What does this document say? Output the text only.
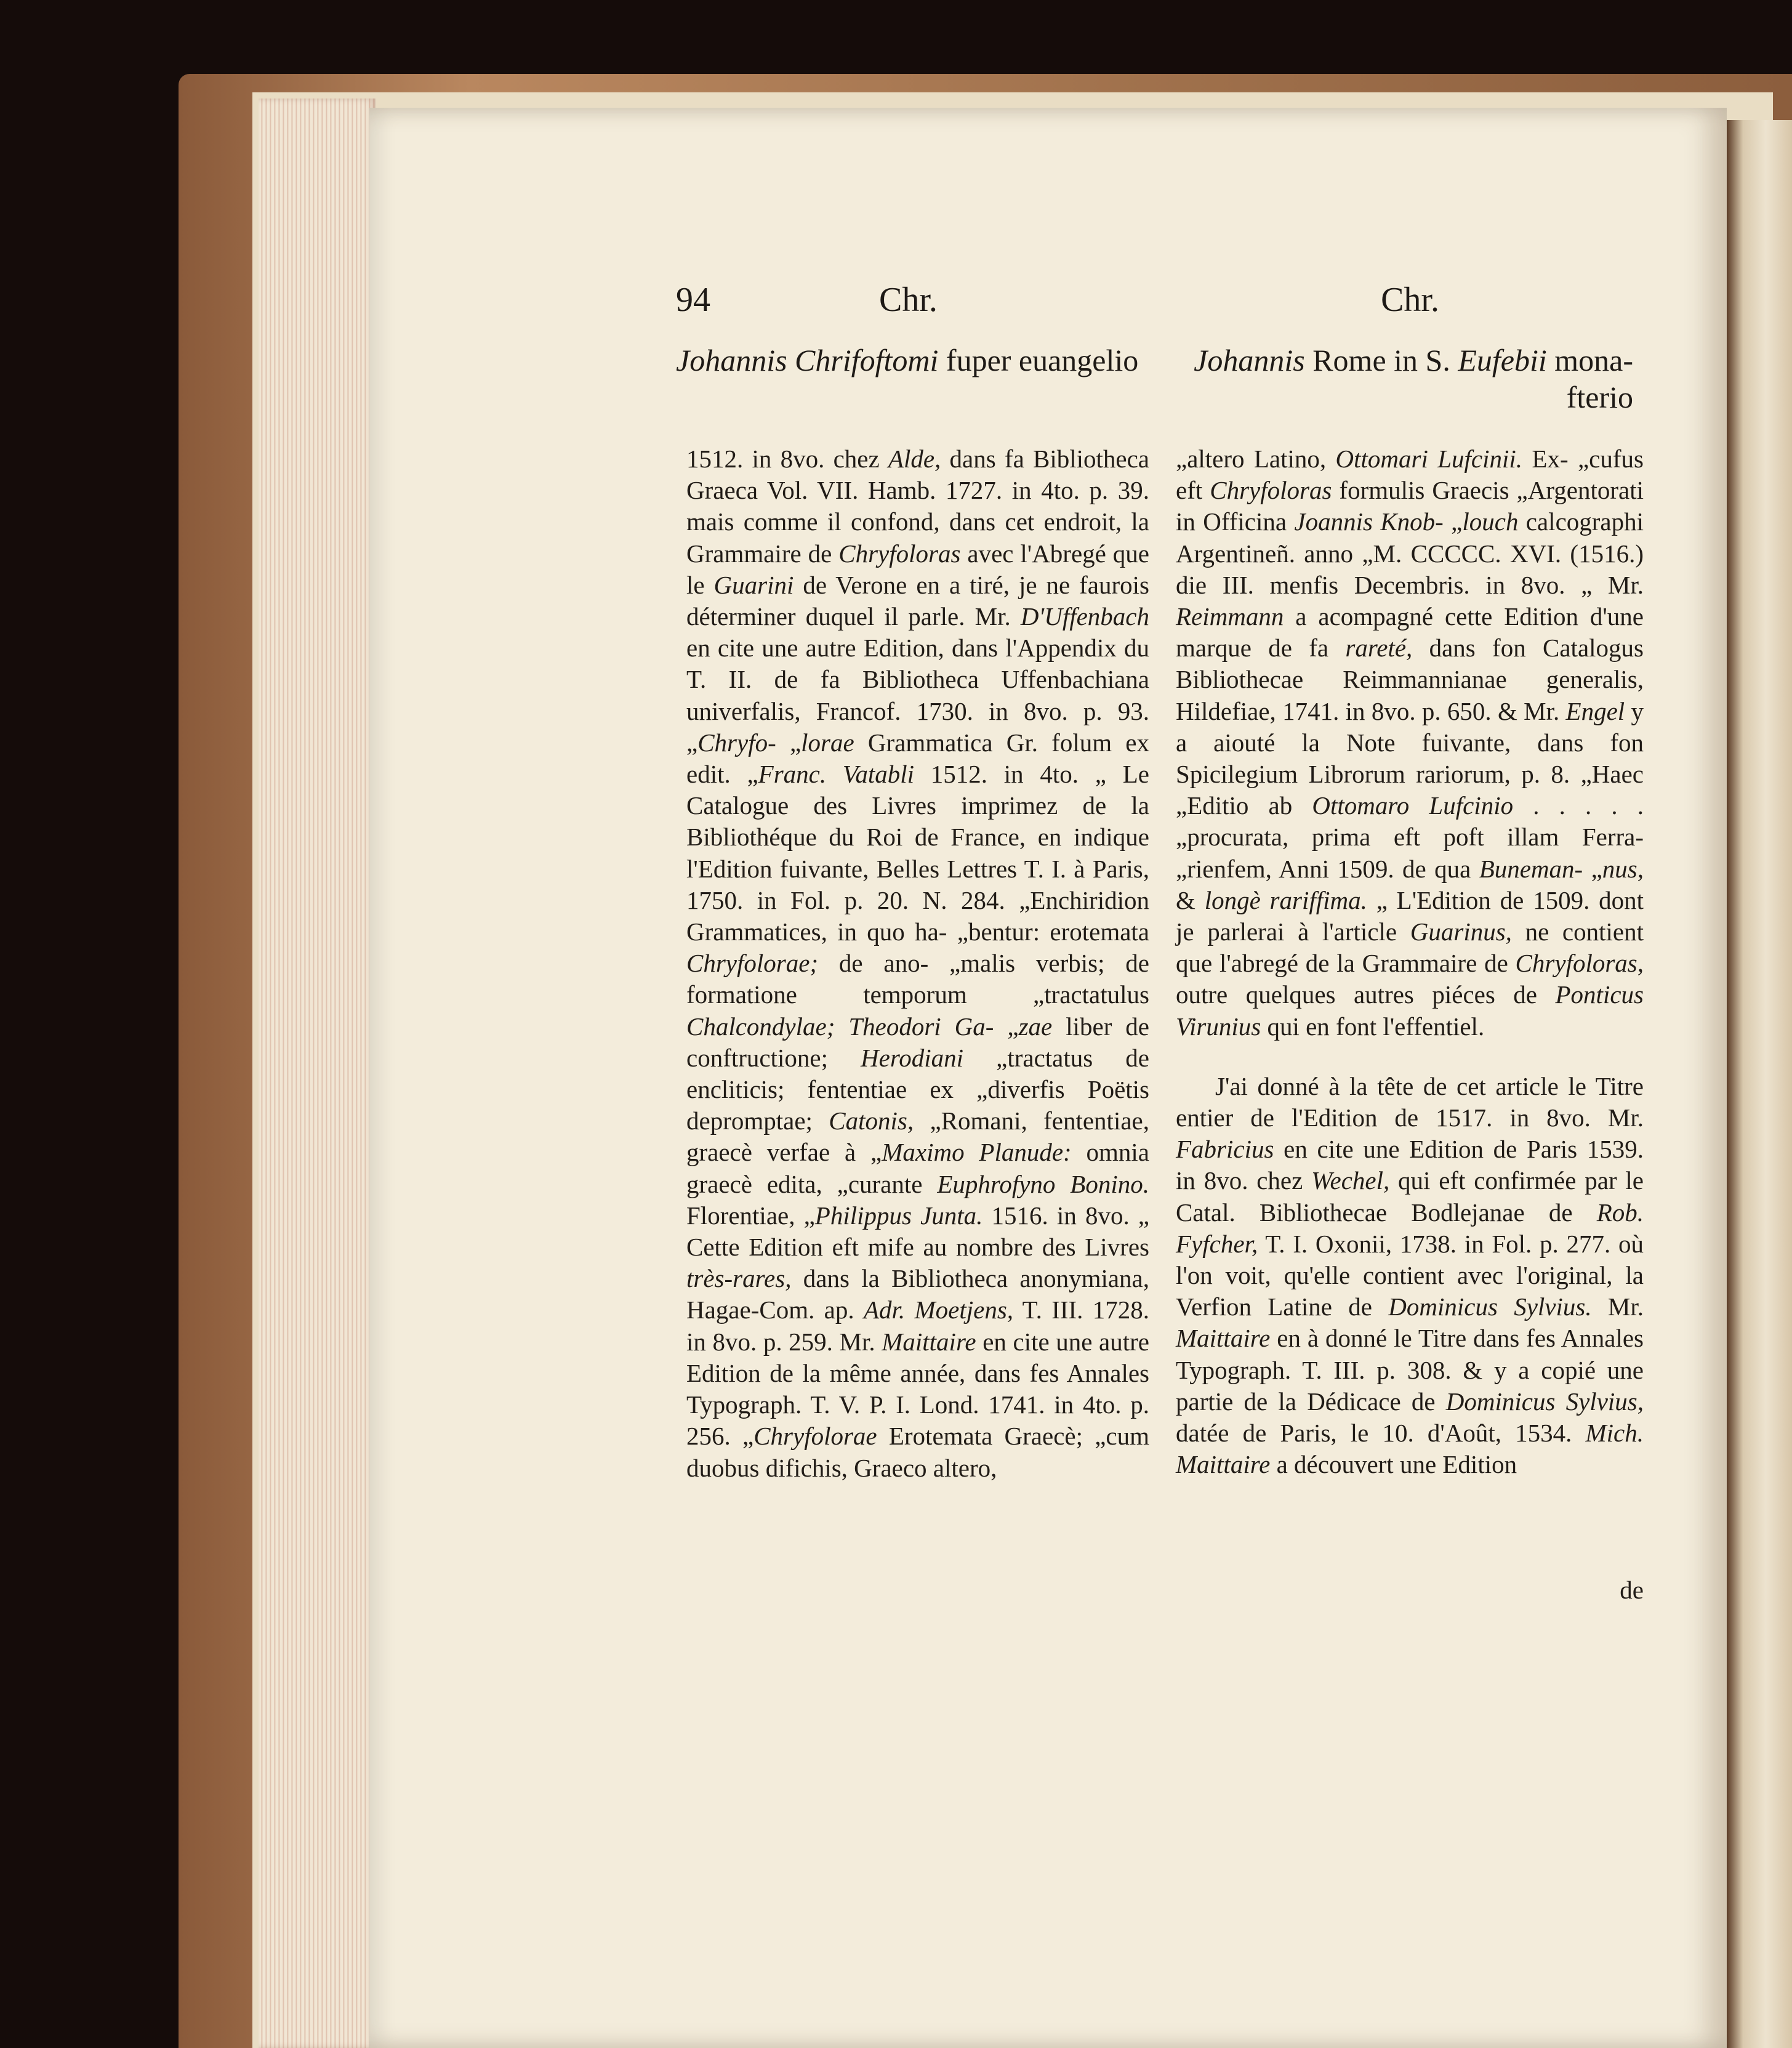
94	Chr.	Chr.
Johannis Chrifoftomi fuper euangelio Johannis Rome in S. Eufebii mona-
fterio

1512. in 8vo. chez Alde, dans fa Bibliotheca Graeca Vol. VII. Hamb. 1727. in 4to. p. 39. mais comme il confond, dans cet endroit, la Grammaire de Chryfoloras avec l'Abregé que le Guarini de Verone en a tiré, je ne faurois déterminer duquel il parle. Mr. D'Uffenbach en cite une autre Edition, dans l'Appendix du T. II. de fa Bibliotheca Uffenbachiana univerfalis, Francof. 1730. in 8vo. p. 93. „Chryfo- „lorae Grammatica Gr. folum ex edit. „Franc. Vatabli 1512. in 4to. „ Le Catalogue des Livres imprimez de la Bibliothéque du Roi de France, en indique l'Edition fuivante, Belles Lettres T. I. à Paris, 1750. in Fol. p. 20. N. 284. „Enchiridion Grammatices, in quo ha- „bentur: erotemata Chryfolorae; de ano- „malis verbis; de formatione temporum „tractatulus Chalcondylae; Theodori Ga- „zae liber de conftructione; Herodiani „tractatus de encliticis; fententiae ex „diverfis Poëtis depromptae; Catonis, „Romani, fententiae, graecè verfae à „Maximo Planude: omnia graecè edita, „curante Euphrofyno Bonino. Florentiae, „Philippus Junta. 1516. in 8vo. „ Cette Edition eft mife au nombre des Livres très-rares, dans la Bibliotheca anonymiana, Hagae-Com. ap. Adr. Moetjens, T. III. 1728. in 8vo. p. 259. Mr. Maittaire en cite une autre Edition de la même année, dans fes Annales Typograph. T. V. P. I. Lond. 1741. in 4to. p. 256. „Chryfolorae Erotemata Graecè; „cum duobus difichis, Graeco altero,

„altero Latino, Ottomari Lufcinii. Ex- „cufus eft Chryfoloras formulis Graecis „Argentorati in Officina Joannis Knob- „louch calcographi Argentineñ. anno „M. CCCCC. XVI. (1516.) die III. menfis Decembris. in 8vo. „ Mr. Reimmann a acompagné cette Edition d'une marque de fa rareté, dans fon Catalogus Bibliothecae Reimmannianae generalis, Hildefiae, 1741. in 8vo. p. 650. & Mr. Engel y a aiouté la Note fuivante, dans fon Spicilegium Librorum rariorum, p. 8. „Haec „Editio ab Ottomaro Lufcinio . . . . . „procurata, prima eft poft illam Ferra- „rienfem, Anni 1509. de qua Buneman- „nus, & longè rariffima. „ L'Edition de 1509. dont je parlerai à l'article Guarinus, ne contient que l'abregé de la Grammaire de Chryfoloras, outre quelques autres piéces de Ponticus Virunius qui en font l'effentiel.

J'ai donné à la tête de cet article le Titre entier de l'Edition de 1517. in 8vo. Mr. Fabricius en cite une Edition de Paris 1539. in 8vo. chez Wechel, qui eft confirmée par le Catal. Bibliothecae Bodlejanae de Rob. Fyfcher, T. I. Oxonii, 1738. in Fol. p. 277. où l'on voit, qu'elle contient avec l'original, la Verfion Latine de Dominicus Sylvius. Mr. Maittaire en à donné le Titre dans fes Annales Typograph. T. III. p. 308. & y a copié une partie de la Dédicace de Dominicus Sylvius, datée de Paris, le 10. d'Août, 1534. Mich. Maittaire a découvert une Edition

de
